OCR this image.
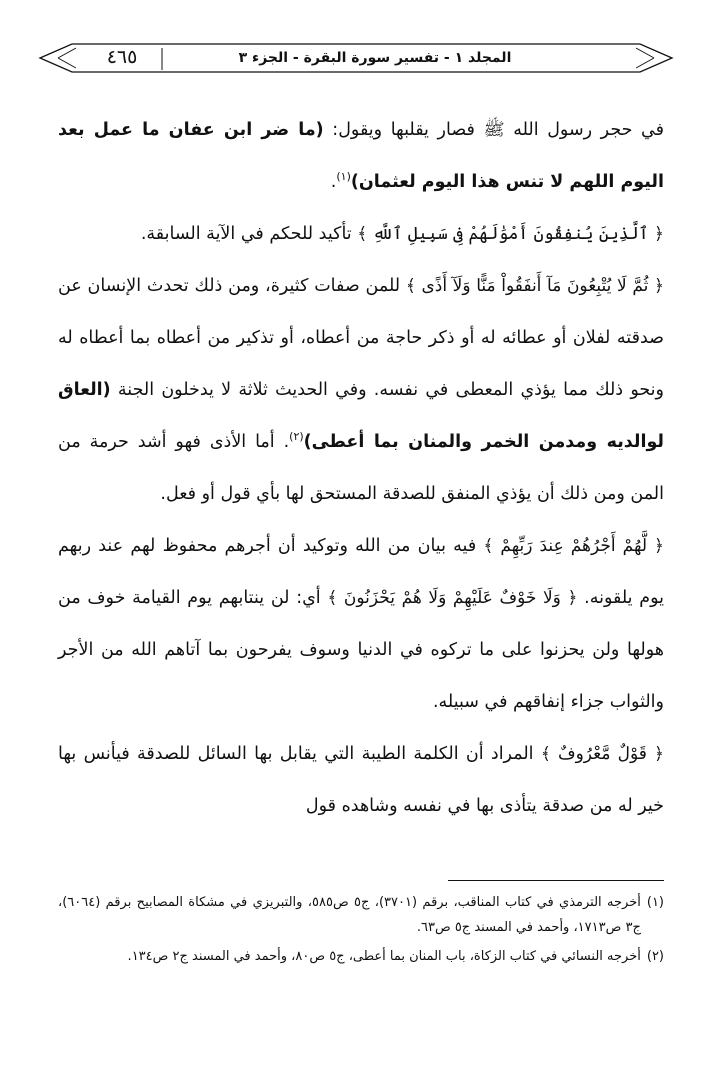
٤٦٥	المجلد ١ - تفسير سورة البقرة - الجزء ٣

في حجر رسول الله ﷺ فصار يقلبها ويقول: (ما ضر ابن عفان ما عمل بعد اليوم اللهم لا تنس هذا اليوم لعثمان)$^{(١)}$.

﴿ ٱلَّذِينَ يُنفِقُونَ أَمْوَٰلَهُمْ فِى سَبِيلِ ٱللَّهِ ﴾ تأكيد للحكم في الآية السابقة.

﴿ ثُمَّ لَا يُتْبِعُونَ مَآ أَنفَقُواْ مَنًّا وَلَآ أَذًى ﴾ للمن صفات كثيرة، ومن ذلك تحدث الإنسان عن صدقته لفلان أو عطائه له أو ذكر حاجة من أعطاه، أو تذكير من أعطاه بما أعطاه له ونحو ذلك مما يؤذي المعطى في نفسه. وفي الحديث ثلاثة لا يدخلون الجنة (العاق لوالديه ومدمن الخمر والمنان بما أعطى)$^{(٢)}$. أما الأذى فهو أشد حرمة من المن ومن ذلك أن يؤذي المنفق للصدقة المستحق لها بأي قول أو فعل.

﴿ لَّهُمْ أَجْرُهُمْ عِندَ رَبِّهِمْ ﴾ فيه بيان من الله وتوكيد أن أجرهم محفوظ لهم عند ربهم يوم يلقونه. ﴿ وَلَا خَوْفٌ عَلَيْهِمْ وَلَا هُمْ يَحْزَنُونَ ﴾ أي: لن ينتابهم يوم القيامة خوف من هولها ولن يحزنوا على ما تركوه في الدنيا وسوف يفرحون بما آتاهم الله من الأجر والثواب جزاء إنفاقهم في سبيله.

﴿ قَوْلٌ مَّعْرُوفٌ ﴾ المراد أن الكلمة الطيبة التي يقابل بها السائل للصدقة فيأنس بها خير له من صدقة يتأذى بها في نفسه وشاهده قول

(١)
أخرجه الترمذي في كتاب المناقب، برقم (٣٧٠١)، ج٥ ص٥٨٥، والتبريزي في مشكاة المصابيح برقم (٦٠٦٤)، ج٣ ص١٧١٣، وأحمد في المسند ج٥ ص٦٣.
(٢)
أخرجه النسائي في كتاب الزكاة، باب المنان بما أعطى، ج٥ ص٨٠، وأحمد في المسند ج٢ ص١٣٤.
